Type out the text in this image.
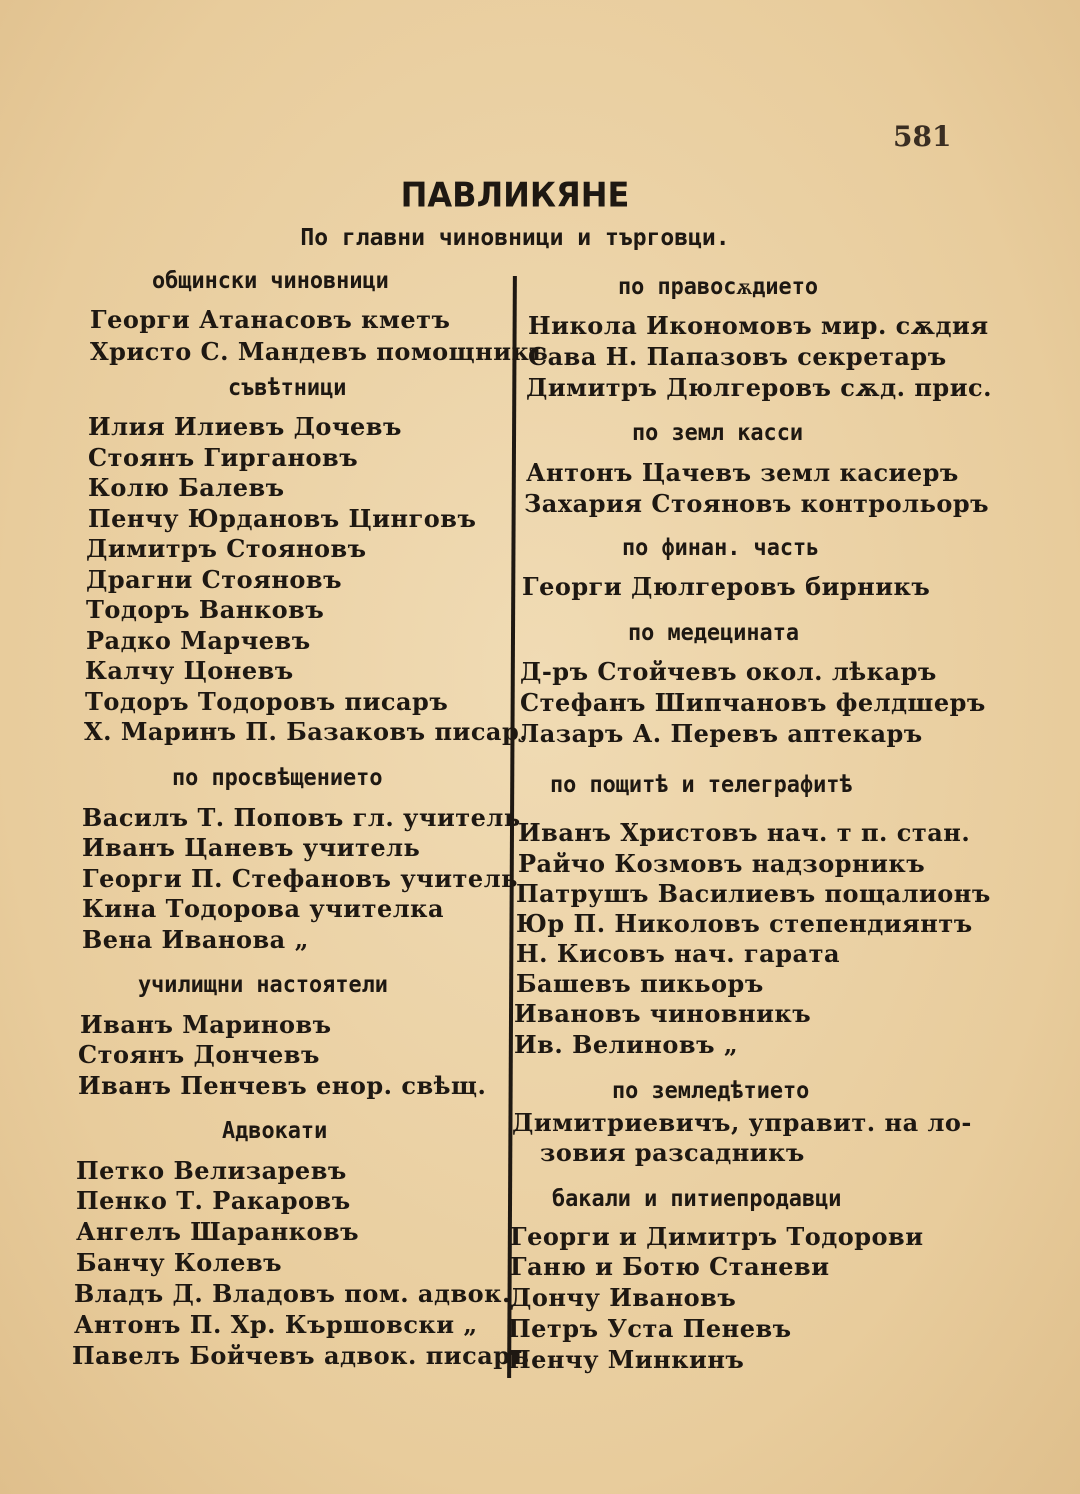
581
ПАВЛИКЯНЕ
По главни чиновници и търговци.
общински чиновници
Георги Атанасовъ кметъ
Христо С. Мандевъ помощникъ
съвѣтници
Илия Илиевъ Дочевъ
Стоянъ Гиргановъ
Колю Балевъ
Пенчу Юрдановъ Цинговъ
Димитръ Стояновъ
Драгни Стояновъ
Тодоръ Ванковъ
Радко Марчевъ
Калчу Цоневъ
Тодоръ Тодоровъ писаръ
Х. Маринъ П. Базаковъ писар.
по просвѣщението
Василъ Т. Поповъ гл. учитель
Иванъ Цаневъ учитель
Георги П. Стефановъ учитель
Кина Тодорова учителка
Вена Иванова „
училищни настоятели
Иванъ Мариновъ
Стоянъ Дончевъ
Иванъ Пенчевъ енор. свѣщ.
Адвокати
Петко Велизаревъ
Пенко Т. Ракаровъ
Ангелъ Шаранковъ
Банчу Колевъ
Владъ Д. Владовъ пом. адвок.
Антонъ П. Хр. Кършовски „
Павелъ Бойчевъ адвок. писаръ
по правосѫдието
Никола Икономовъ мир. сѫдия
Сава Н. Папазовъ секретаръ
Димитръ Дюлгеровъ сѫд. прис.
по земл касси
Антонъ Цачевъ земл касиеръ
Захария Стояновъ контрольоръ
по финан. часть
Георги Дюлгеровъ бирникъ
по медецината
Д-ръ Стойчевъ окол. лѣкаръ
Стефанъ Шипчановъ фелдшеръ
Лазаръ А. Перевъ аптекаръ
по пощитѣ и телеграфитѣ
Иванъ Христовъ нач. т п. стан.
Райчо Козмовъ надзорникъ
Патрушъ Василиевъ пощалионъ
Юр П. Николовъ степендиянтъ
Н. Кисовъ нач. гарата
Башевъ пикьоръ
Ивановъ чиновникъ
Ив. Велиновъ „
по земледѣтието
Димитриевичъ, управит. на ло-
зовия разсадникъ
бакали и питиепродавци
Георги и Димитръ Тодорови
Ганю и Ботю Станеви
Дончу Ивановъ
Петръ Уста Пеневъ
Пенчу Минкинъ
